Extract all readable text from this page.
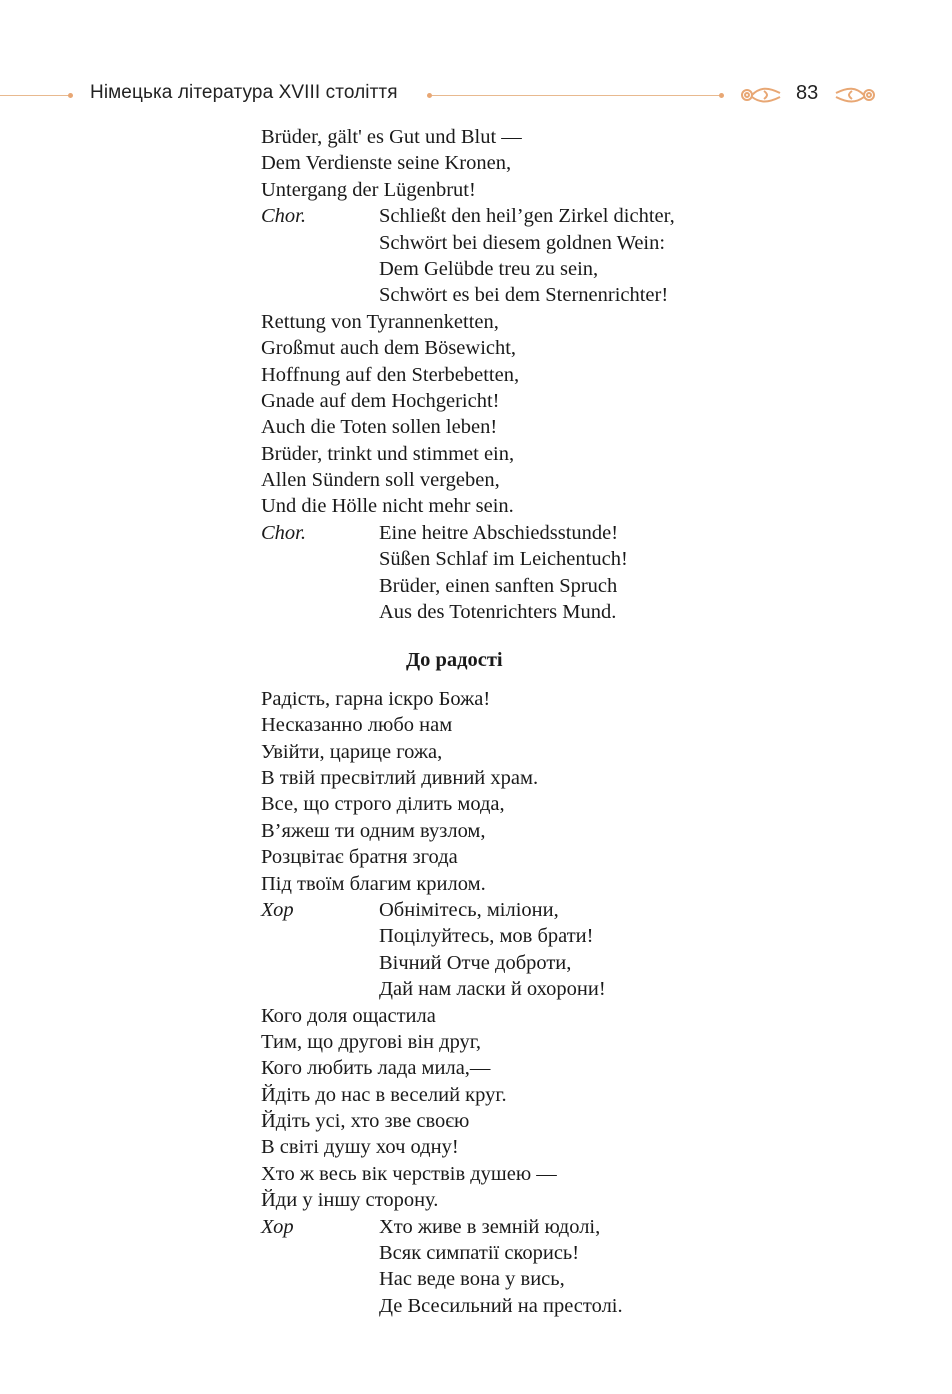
Німецька література XVIII століття	83
Brüder, gält' es Gut und Blut —
Dem Verdienste seine Kronen,
Untergang der Lügenbrut!
Chor.	Schließt den heil’gen Zirkel dichter,
Schwört bei diesem goldnen Wein:
Dem Gelübde treu zu sein,
Schwört es bei dem Sternenrichter!
Rettung von Tyrannenketten,
Großmut auch dem Bösewicht,
Hoffnung auf den Sterbebetten,
Gnade auf dem Hochgericht!
Auch die Toten sollen leben!
Brüder, trinkt und stimmet ein,
Allen Sündern soll vergeben,
Und die Hölle nicht mehr sein.
Chor.	Eine heitre Abschiedsstunde!
Süßen Schlaf im Leichentuch!
Brüder, einen sanften Spruch
Aus des Totenrichters Mund.
До радості
Радість, гарна іскро Божа!
Несказанно любо нам
Увійти, царице гожа,
В твій пресвітлий дивний храм.
Все, що строго ділить мода,
В’яжеш ти одним вузлом,
Розцвітає братня згода
Під твоїм благим крилом.
Хор	Обнімітесь, міліони,
Поцілуйтесь, мов брати!
Вічний Отче доброти,
Дай нам ласки й охорони!
Кого доля ощастила
Тим, що другові він друг,
Кого любить лада мила,—
Йдіть до нас в веселий круг.
Йдіть усі, хто зве своєю
В світі душу хоч одну!
Хто ж весь вік черствів душею —
Йди у іншу сторону.
Хор	Хто живе в земній юдолі,
Всяк симпатії скорись!
Нас веде вона у вись,
Де Всесильний на престолі.
